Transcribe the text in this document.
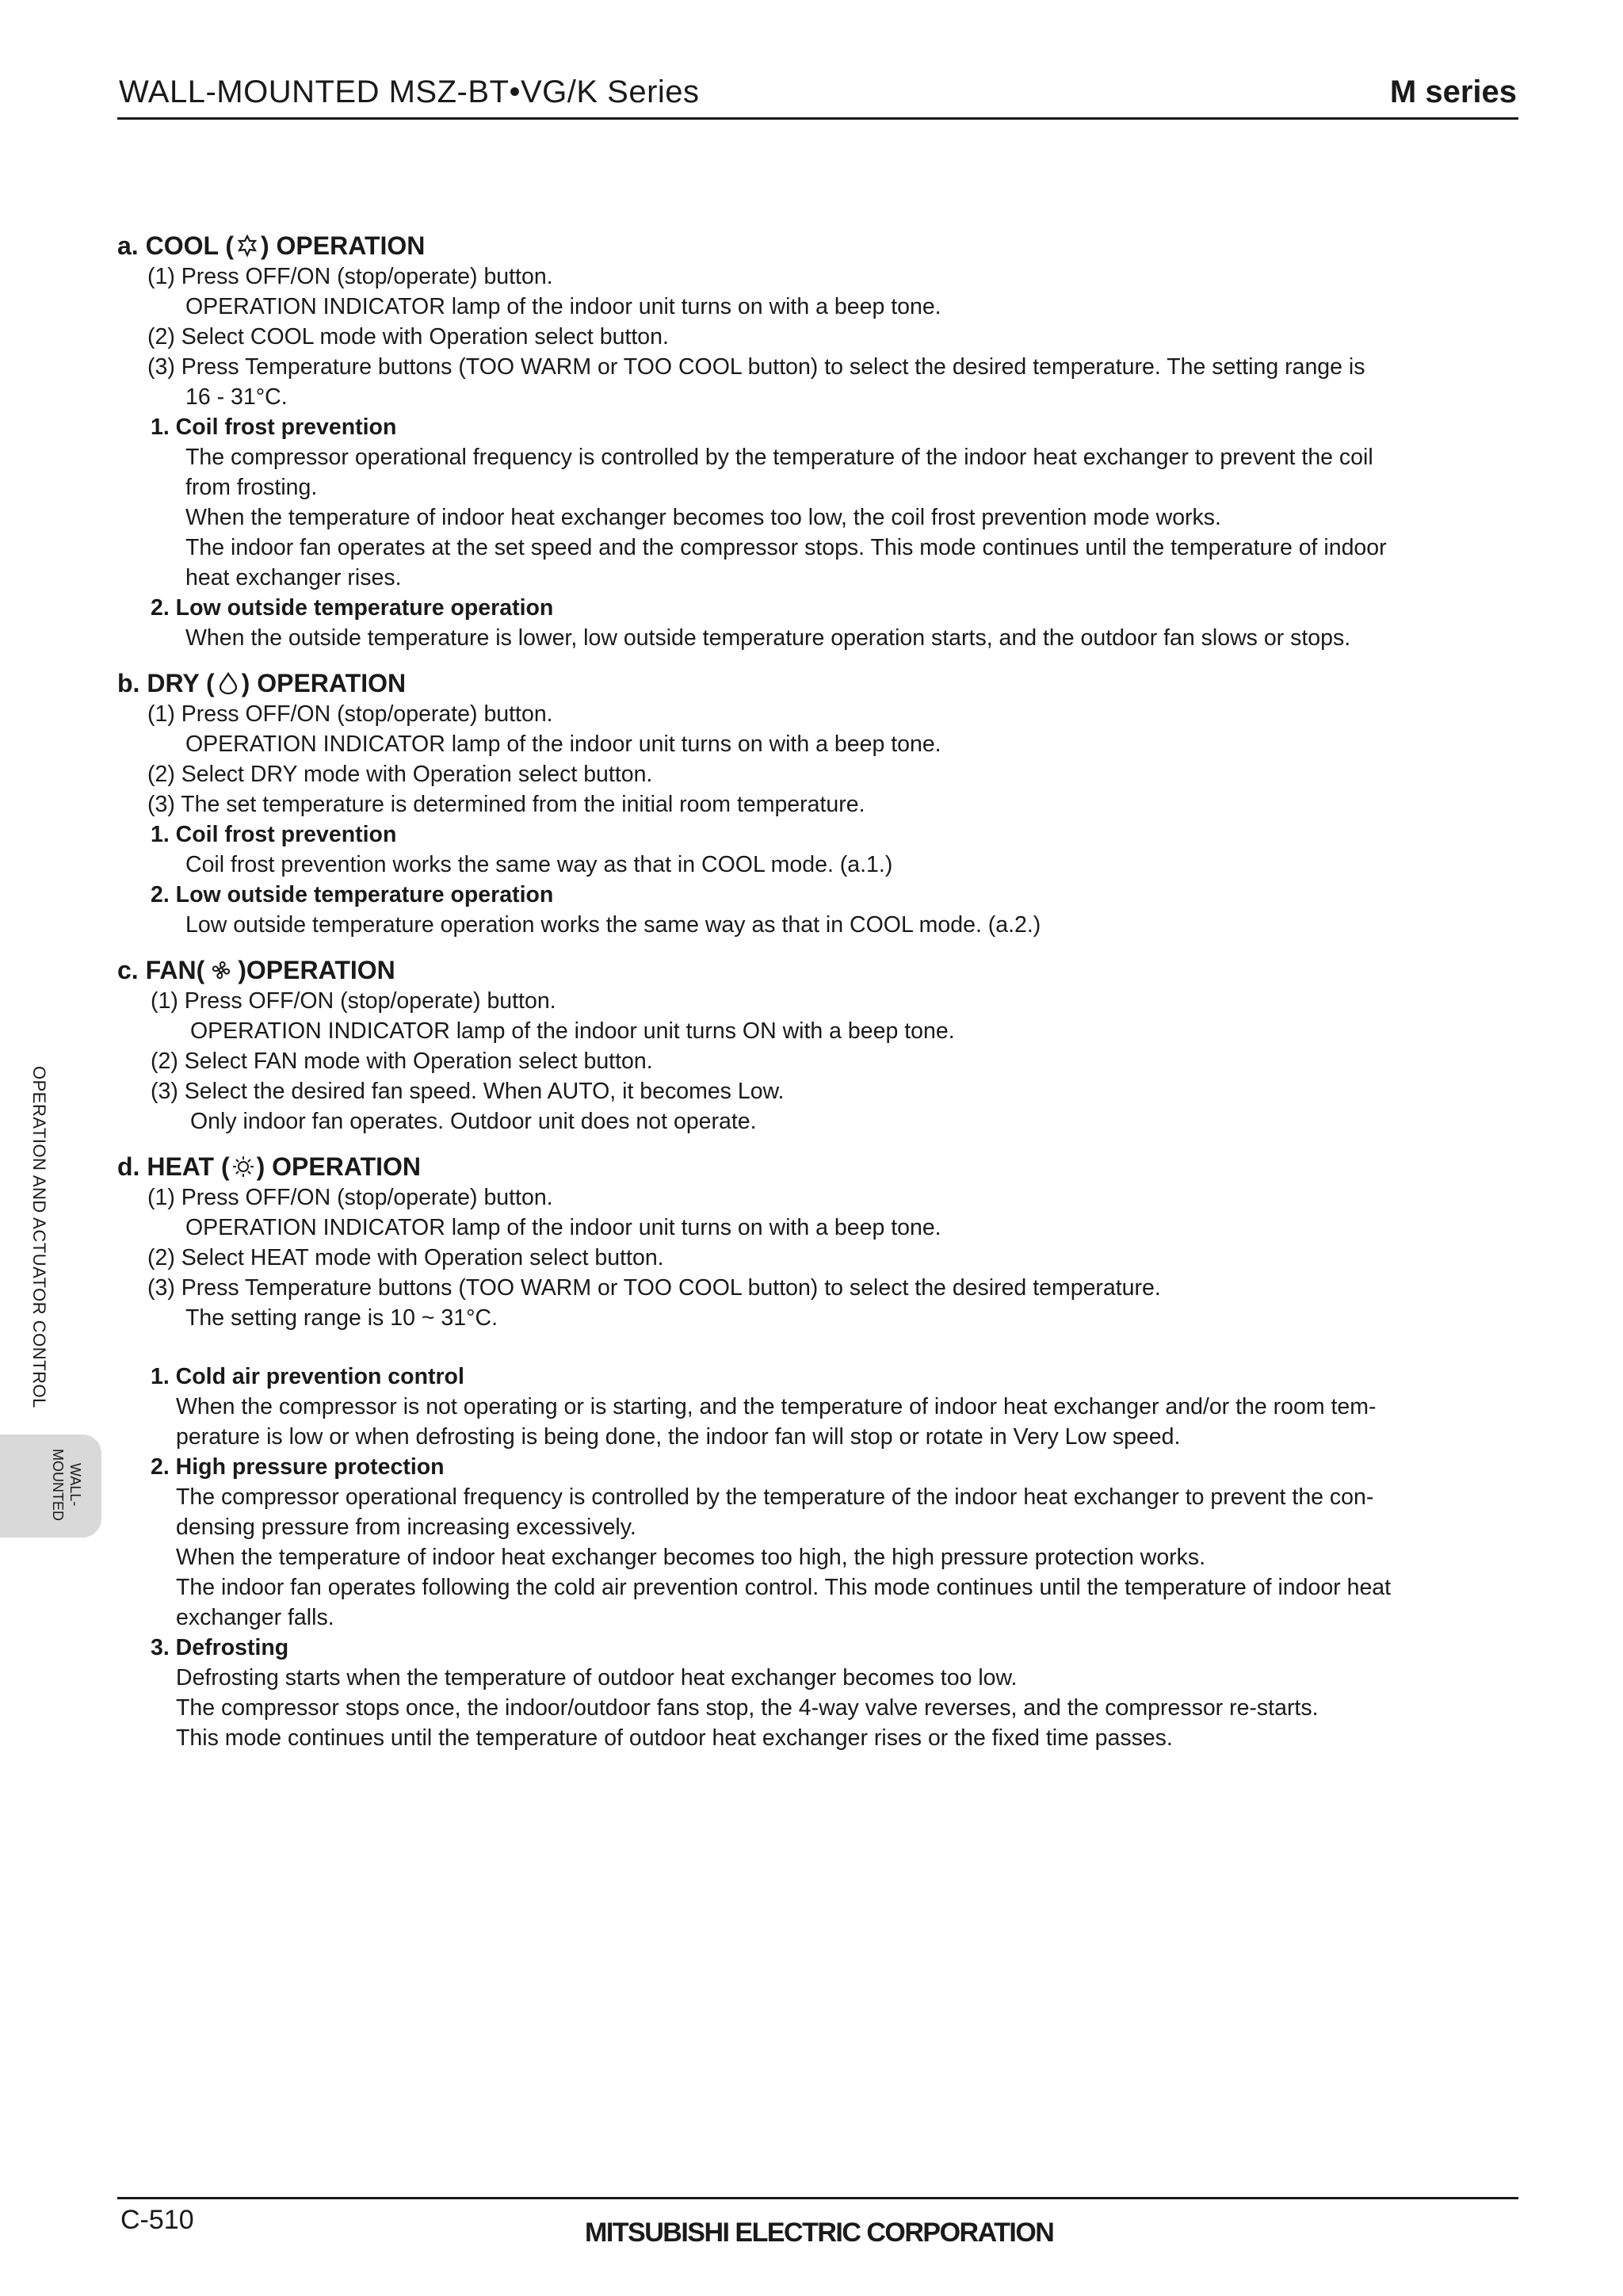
WALL-MOUNTED MSZ-BT•VG/K Series	M series
OPERATION AND ACTUATOR CONTROL
WALL-
MOUNTED
a. COOL ( ) OPERATION
(1) Press OFF/ON (stop/operate) button.
OPERATION INDICATOR lamp of the indoor unit turns on with a beep tone.
(2) Select COOL mode with Operation select button.
(3) Press Temperature buttons (TOO WARM or TOO COOL button) to select the desired temperature. The setting range is
16 - 31°C.
1. Coil frost prevention
The compressor operational frequency is controlled by the temperature of the indoor heat exchanger to prevent the coil
from frosting.
When the temperature of indoor heat exchanger becomes too low, the coil frost prevention mode works.
The indoor fan operates at the set speed and the compressor stops. This mode continues until the temperature of indoor
heat exchanger rises.
2. Low outside temperature operation
When the outside temperature is lower, low outside temperature operation starts, and the outdoor fan slows or stops.
b. DRY ( ) OPERATION
(1) Press OFF/ON (stop/operate) button.
OPERATION INDICATOR lamp of the indoor unit turns on with a beep tone.
(2) Select DRY mode with Operation select button.
(3) The set temperature is determined from the initial room temperature.
1. Coil frost prevention
Coil frost prevention works the same way as that in COOL mode. (a.1.)
2. Low outside temperature operation
Low outside temperature operation works the same way as that in COOL mode. (a.2.)
c. FAN( )OPERATION
(1) Press OFF/ON (stop/operate) button.
OPERATION INDICATOR lamp of the indoor unit turns ON with a beep tone.
(2) Select FAN mode with Operation select button.
(3) Select the desired fan speed. When AUTO, it becomes Low.
Only indoor fan operates. Outdoor unit does not operate.
d. HEAT ( ) OPERATION
(1) Press OFF/ON (stop/operate) button.
OPERATION INDICATOR lamp of the indoor unit turns on with a beep tone.
(2) Select HEAT mode with Operation select button.
(3) Press Temperature buttons (TOO WARM or TOO COOL button) to select the desired temperature.
The setting range is 10 ~ 31°C.
1. Cold air prevention control
When the compressor is not operating or is starting, and the temperature of indoor heat exchanger and/or the room tem-
perature is low or when defrosting is being done, the indoor fan will stop or rotate in Very Low speed.
2. High pressure protection
The compressor operational frequency is controlled by the temperature of the indoor heat exchanger to prevent the con-
densing pressure from increasing excessively.
When the temperature of indoor heat exchanger becomes too high, the high pressure protection works.
The indoor fan operates following the cold air prevention control. This mode continues until the temperature of indoor heat
exchanger falls.
3. Defrosting
Defrosting starts when the temperature of outdoor heat exchanger becomes too low.
The compressor stops once, the indoor/outdoor fans stop, the 4-way valve reverses, and the compressor re-starts.
This mode continues until the temperature of outdoor heat exchanger rises or the fixed time passes.
C-510	MITSUBISHI ELECTRIC CORPORATION
